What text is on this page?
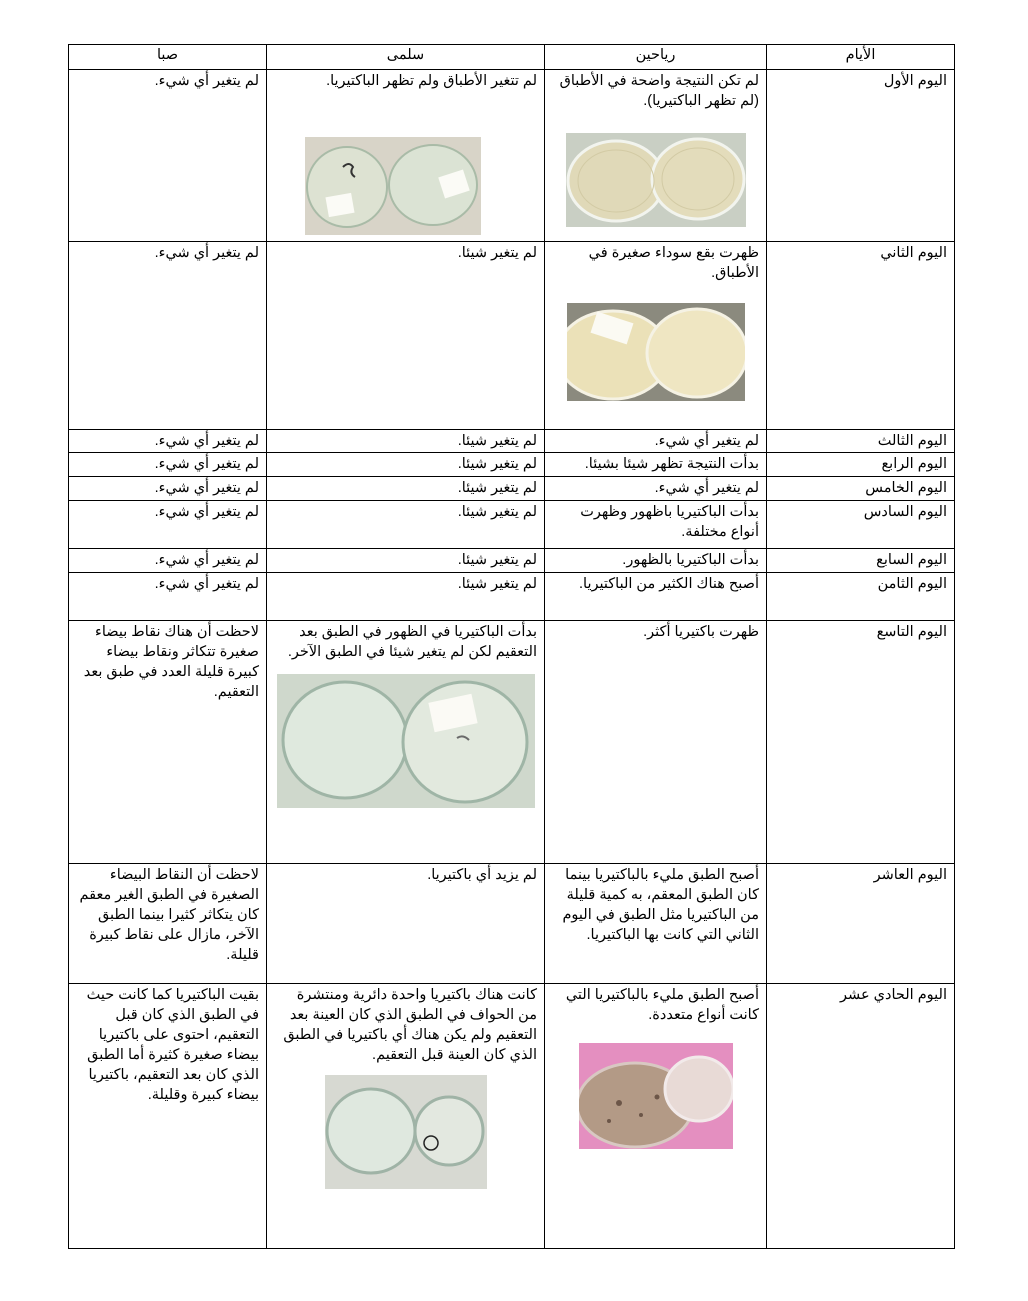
الأيام	رياحين	سلمى	صبا
اليوم الأول	لم تكن النتيجة واضحة في الأطباق (لم تظهر الباكتيريا).	لم تتغير الأطباق ولم تظهر الباكتيريا.	لم يتغير أي شيء.
اليوم الثاني	ظهرت بقع سوداء صغيرة في الأطباق.	لم يتغير شيئا.	لم يتغير أي شيء.
اليوم الثالث	لم يتغير أي شيء.	لم يتغير شيئا.	لم يتغير أي شيء.
اليوم الرابع	بدأت النتيجة تظهر شيئا بشيئا.	لم يتغير شيئا.	لم يتغير أي شيء.
اليوم الخامس	لم يتغير أي شيء.	لم يتغير شيئا.	لم يتغير أي شيء.
اليوم السادس	بدأت الباكتيريا باظهور وظهرت أنواع مختلفة.	لم يتغير شيئا.	لم يتغير أي شيء.
اليوم السابع	بدأت الباكتيريا بالظهور.	لم يتغير شيئا.	لم يتغير أي شيء.
اليوم الثامن	أصبح هناك الكثير من الباكتيريا.	لم يتغير شيئا.	لم يتغير أي شيء.
اليوم التاسع	ظهرت باكتيريا أكثر.	بدأت الباكتيريا في الظهور في الطبق بعد التعقيم لكن لم يتغير شيئا في الطبق الآخر.	لاحظت أن هناك نقاط بيضاء صغيرة تتكاثر ونقاط بيضاء كبيرة قليلة العدد في طبق بعد التعقيم.
اليوم العاشر	أصبح الطبق مليء بالباكتيريا بينما كان الطبق المعقم، به كمية قليلة من الباكتيريا مثل الطبق في اليوم الثاني التي كانت بها الباكتيريا.	لم يزيد أي باكتيريا.	لاحظت أن النقاط البيضاء الصغيرة في الطبق الغير معقم كان يتكاثر كثيرا بينما الطبق الآخر، مازال على نقاط كبيرة قليلة.
اليوم الحادي عشر	أصبح الطبق مليء بالباكتيريا التي كانت أنواع متعددة.	كانت هناك باكتيريا واحدة دائرية ومنتشرة من الحواف في الطبق الذي كان العينة بعد التعقيم ولم يكن هناك أي باكتيريا في الطبق الذي كان العينة قبل التعقيم.	بقيت الباكتيريا كما كانت حيث في الطبق الذي كان قبل التعقيم، احتوى على باكتيريا بيضاء صغيرة كثيرة أما الطبق الذي كان بعد التعقيم، باكتيريا بيضاء كبيرة وقليلة.
